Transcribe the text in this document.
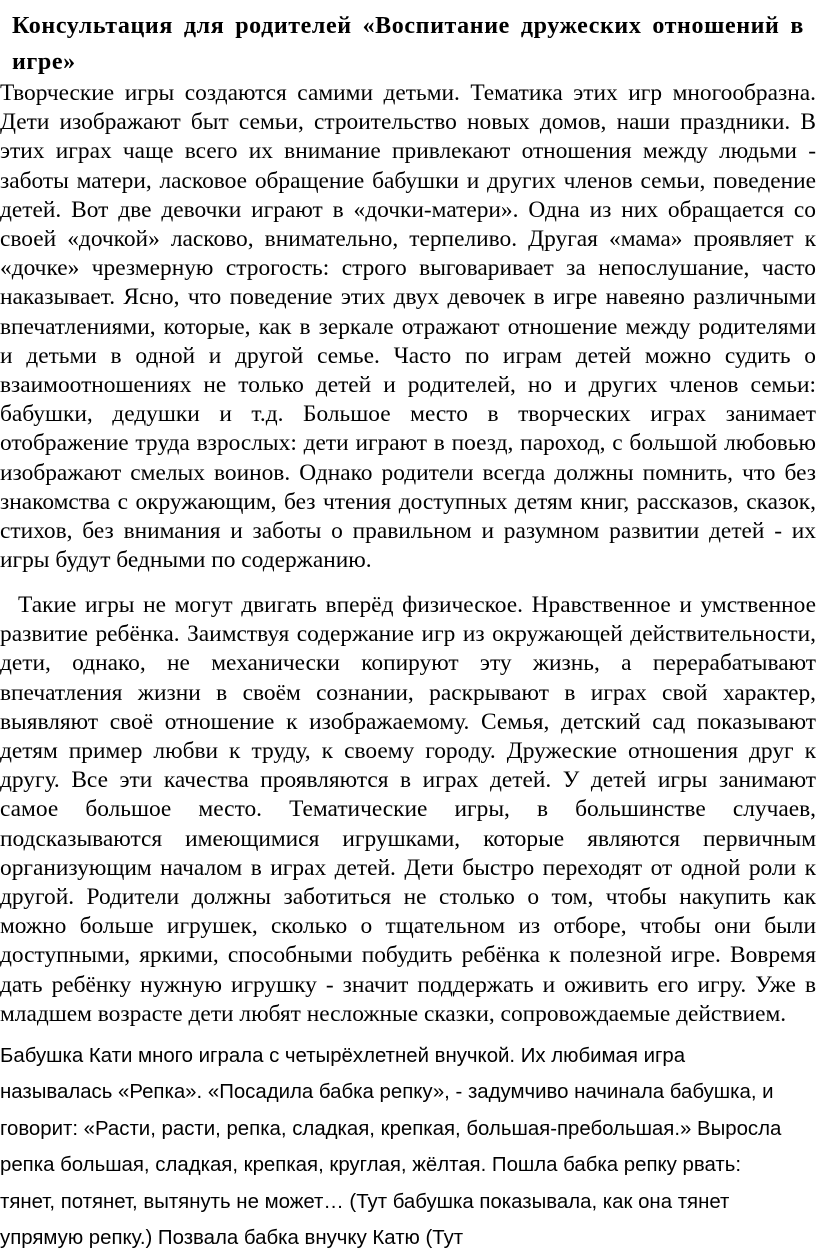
Консультация для родителей «Воспитание дружеских отношений в игре»

Творческие игры создаются самими детьми. Тематика этих игр многообразна. Дети изображают быт семьи, строительство новых домов, наши праздники. В этих играх чаще всего их внимание привлекают отношения между людьми - заботы матери, ласковое обращение бабушки и других членов семьи, поведение детей. Вот две девочки играют в «дочки-матери». Одна из них обращается со своей «дочкой» ласково, внимательно, терпеливо. Другая «мама» проявляет к «дочке» чрезмерную строгость: строго выговаривает за непослушание, часто наказывает. Ясно, что поведение этих двух девочек в игре навеяно различными впечатлениями, которые, как в зеркале отражают отношение между родителями и детьми в одной и другой семье. Часто по играм детей можно судить о взаимоотношениях не только детей и родителей, но и других членов семьи: бабушки, дедушки и т.д. Большое место в творческих играх занимает отображение труда взрослых: дети играют в поезд, пароход, с большой любовью изображают смелых воинов. Однако родители всегда должны помнить, что без знакомства с окружающим, без чтения доступных детям книг, рассказов, сказок, стихов, без внимания и заботы о правильном и разумном развитии детей - их игры будут бедными по содержанию.

Такие игры не могут двигать вперёд физическое. Нравственное и умственное развитие ребёнка. Заимствуя содержание игр из окружающей действительности, дети, однако, не механически копируют эту жизнь, а перерабатывают впечатления жизни в своём сознании, раскрывают в играх свой характер, выявляют своё отношение к изображаемому. Семья, детский сад показывают детям пример любви к труду, к своему городу. Дружеские отношения друг к другу. Все эти качества проявляются в играх детей. У детей игры занимают самое большое место. Тематические игры, в большинстве случаев, подсказываются имеющимися игрушками, которые являются первичным организующим началом в играх детей. Дети быстро переходят от одной роли к другой. Родители должны заботиться не столько о том, чтобы накупить как можно больше игрушек, сколько о тщательном из отборе, чтобы они были доступными, яркими, способными побудить ребёнка к полезной игре. Вовремя дать ребёнку нужную игрушку - значит поддержать и оживить его игру. Уже в младшем возрасте дети любят несложные сказки, сопровождаемые действием.

Бабушка Кати много играла с четырёхлетней внучкой. Их любимая игра называлась «Репка». «Посадила бабка репку», - задумчиво начинала бабушка, и говорит: «Расти, расти, репка, сладкая, крепкая, большая-пребольшая.» Выросла репка большая, сладкая, крепкая, круглая, жёлтая. Пошла бабка репку рвать: тянет, потянет, вытянуть не может… (Тут бабушка показывала, как она тянет упрямую репку.) Позвала бабка внучку Катю (Тут
